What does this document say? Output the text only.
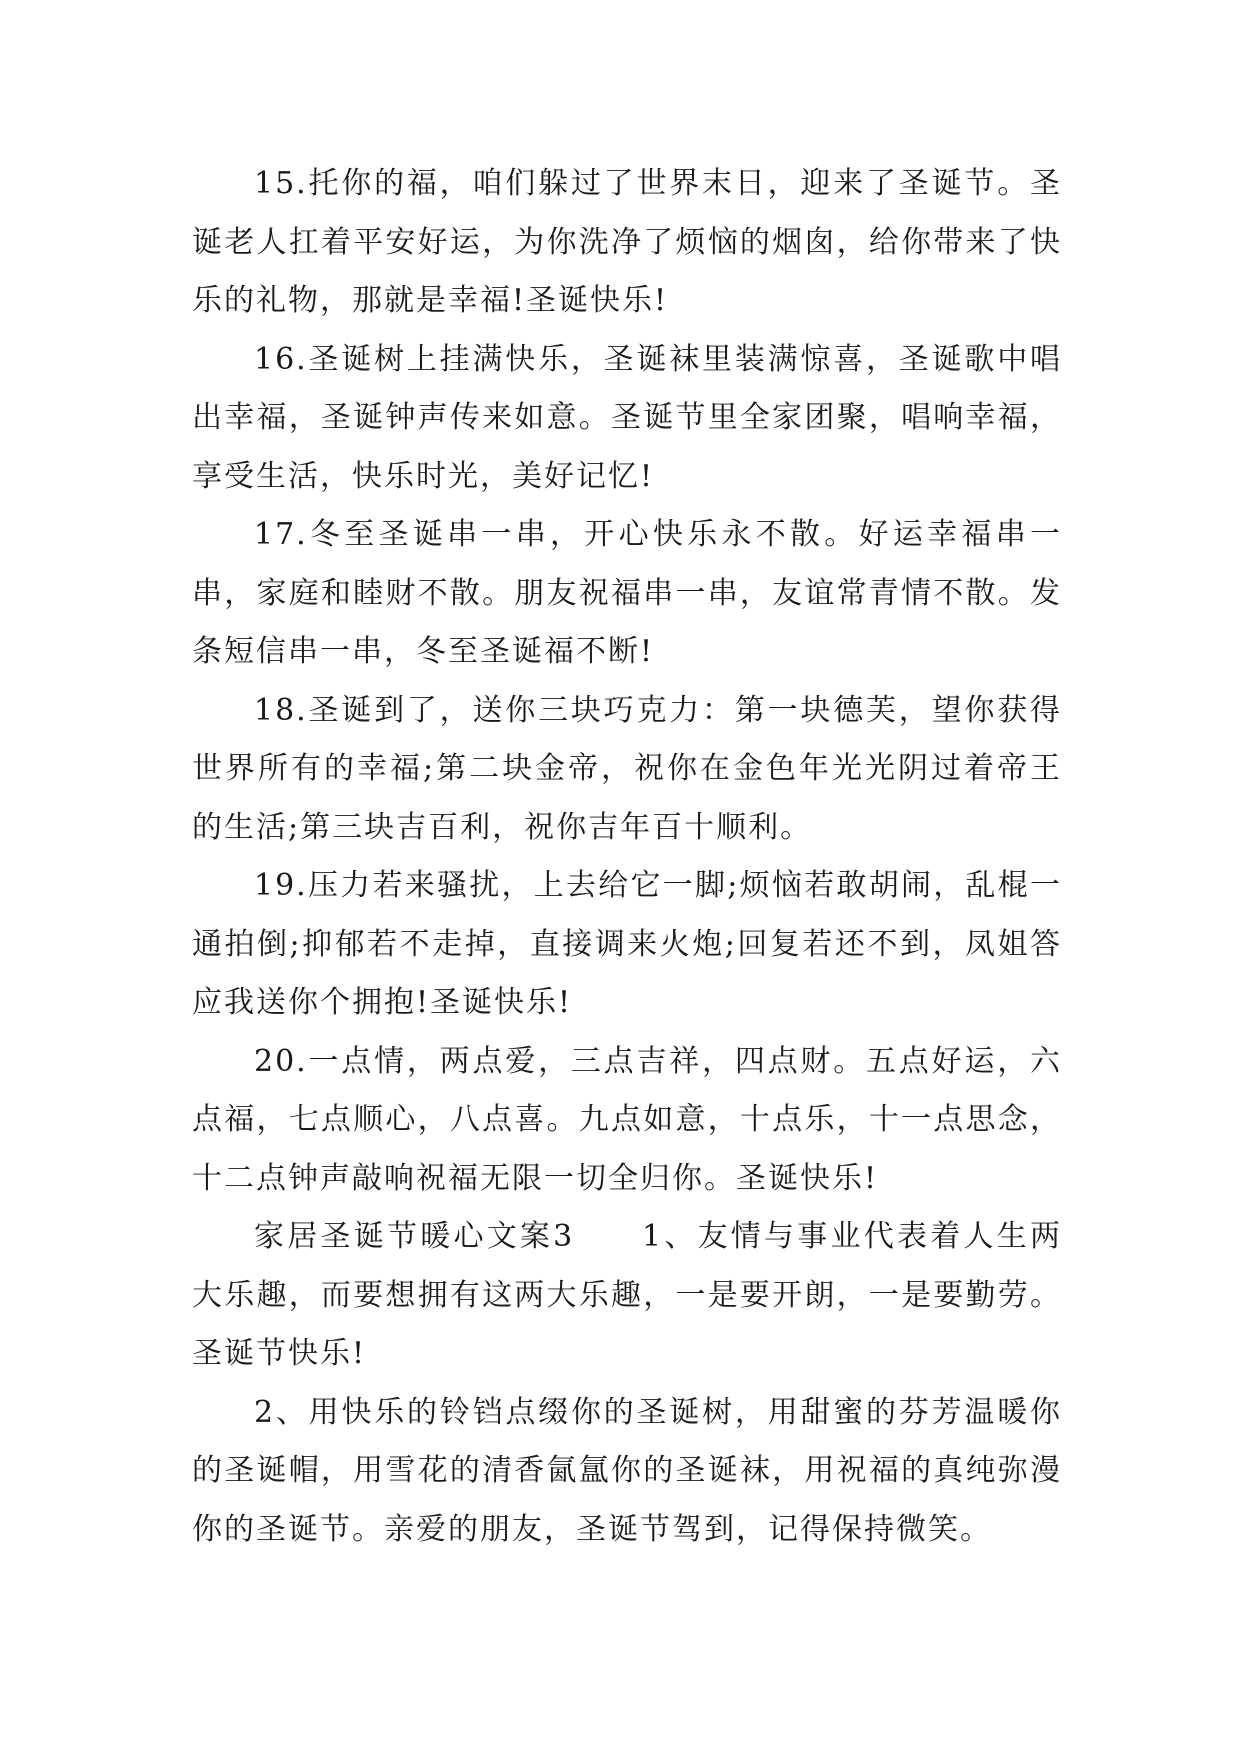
15.托你的福，咱们躲过了世界末日，迎来了圣诞节。圣诞老人扛着平安好运，为你洗净了烦恼的烟囱，给你带来了快乐的礼物，那就是幸福!圣诞快乐!

16.圣诞树上挂满快乐，圣诞袜里装满惊喜，圣诞歌中唱出幸福，圣诞钟声传来如意。圣诞节里全家团聚，唱响幸福，享受生活，快乐时光，美好记忆!

17.冬至圣诞串一串，开心快乐永不散。好运幸福串一串，家庭和睦财不散。朋友祝福串一串，友谊常青情不散。发条短信串一串，冬至圣诞福不断!

18.圣诞到了，送你三块巧克力：第一块德芙，望你获得世界所有的幸福;第二块金帝，祝你在金色年光光阴过着帝王的生活;第三块吉百利，祝你吉年百十顺利。

19.压力若来骚扰，上去给它一脚;烦恼若敢胡闹，乱棍一通拍倒;抑郁若不走掉，直接调来火炮;回复若还不到，凤姐答应我送你个拥抱!圣诞快乐!

20.一点情，两点爱，三点吉祥，四点财。五点好运，六点福，七点顺心，八点喜。九点如意，十点乐，十一点思念，十二点钟声敲响祝福无限一切全归你。圣诞快乐!

家居圣诞节暖心文案3　　1、友情与事业代表着人生两大乐趣，而要想拥有这两大乐趣，一是要开朗，一是要勤劳。圣诞节快乐!

2、用快乐的铃铛点缀你的圣诞树，用甜蜜的芬芳温暖你的圣诞帽，用雪花的清香氤氲你的圣诞袜，用祝福的真纯弥漫你的圣诞节。亲爱的朋友，圣诞节驾到，记得保持微笑。
